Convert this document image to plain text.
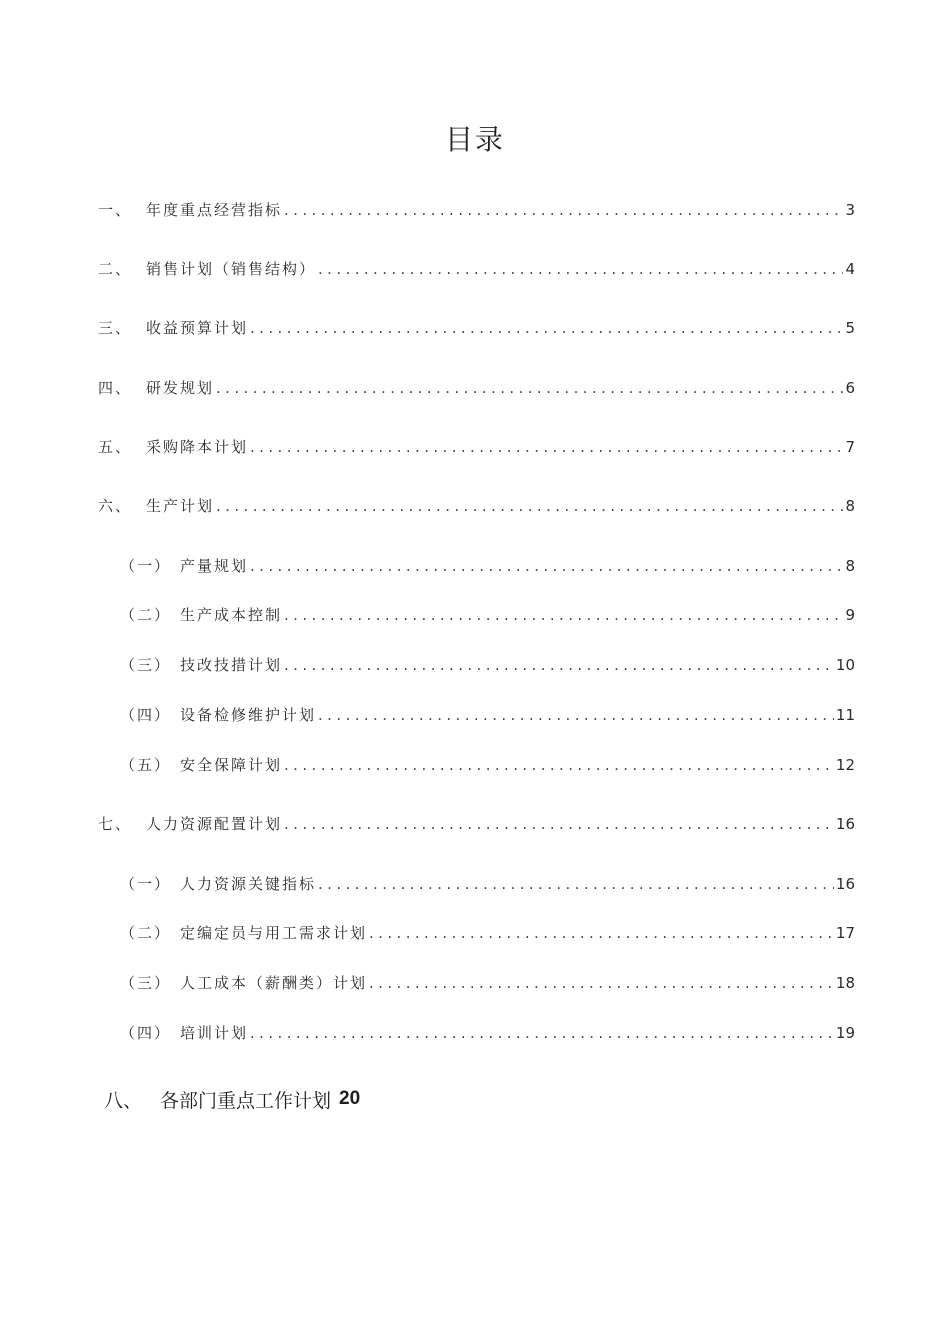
目录
一、 年度重点经营指标 .....	3
二、 销售计划（销售结构） .....	4
三、 收益预算计划 .....	5
四、 研发规划 .....	6
五、 采购降本计划 .....	7
六、 生产计划 .....	8
（一） 产量规划 .....	8
（二） 生产成本控制 .....	9
（三） 技改技措计划 .....	10
（四） 设备检修维护计划 .....	11
（五） 安全保障计划 .....	12
七、 人力资源配置计划 .....	16
（一） 人力资源关键指标 .....	16
（二） 定编定员与用工需求计划 .....	17
（三） 人工成本（薪酬类）计划 .....	18
（四） 培训计划 .....	19
八、 各部门重点工作计划 20
